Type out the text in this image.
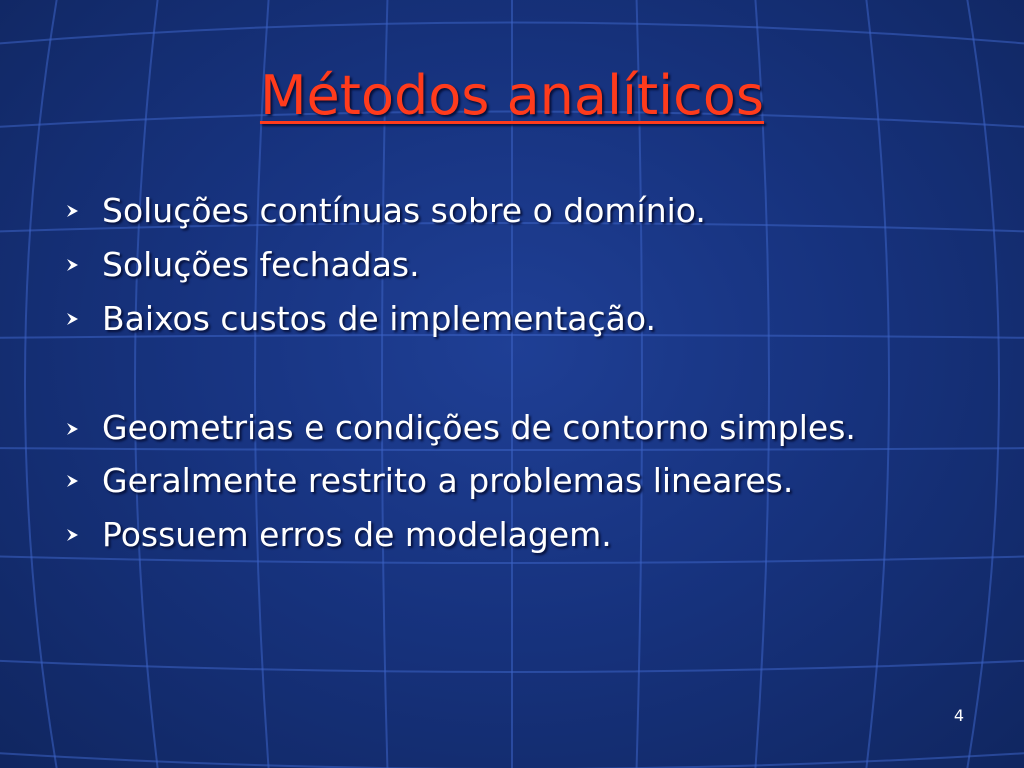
Métodos analíticos
Soluções contínuas sobre o domínio.
Soluções fechadas.
Baixos custos de implementação.
Geometrias e condições de contorno simples.
Geralmente restrito a problemas lineares.
Possuem erros de modelagem.
4
